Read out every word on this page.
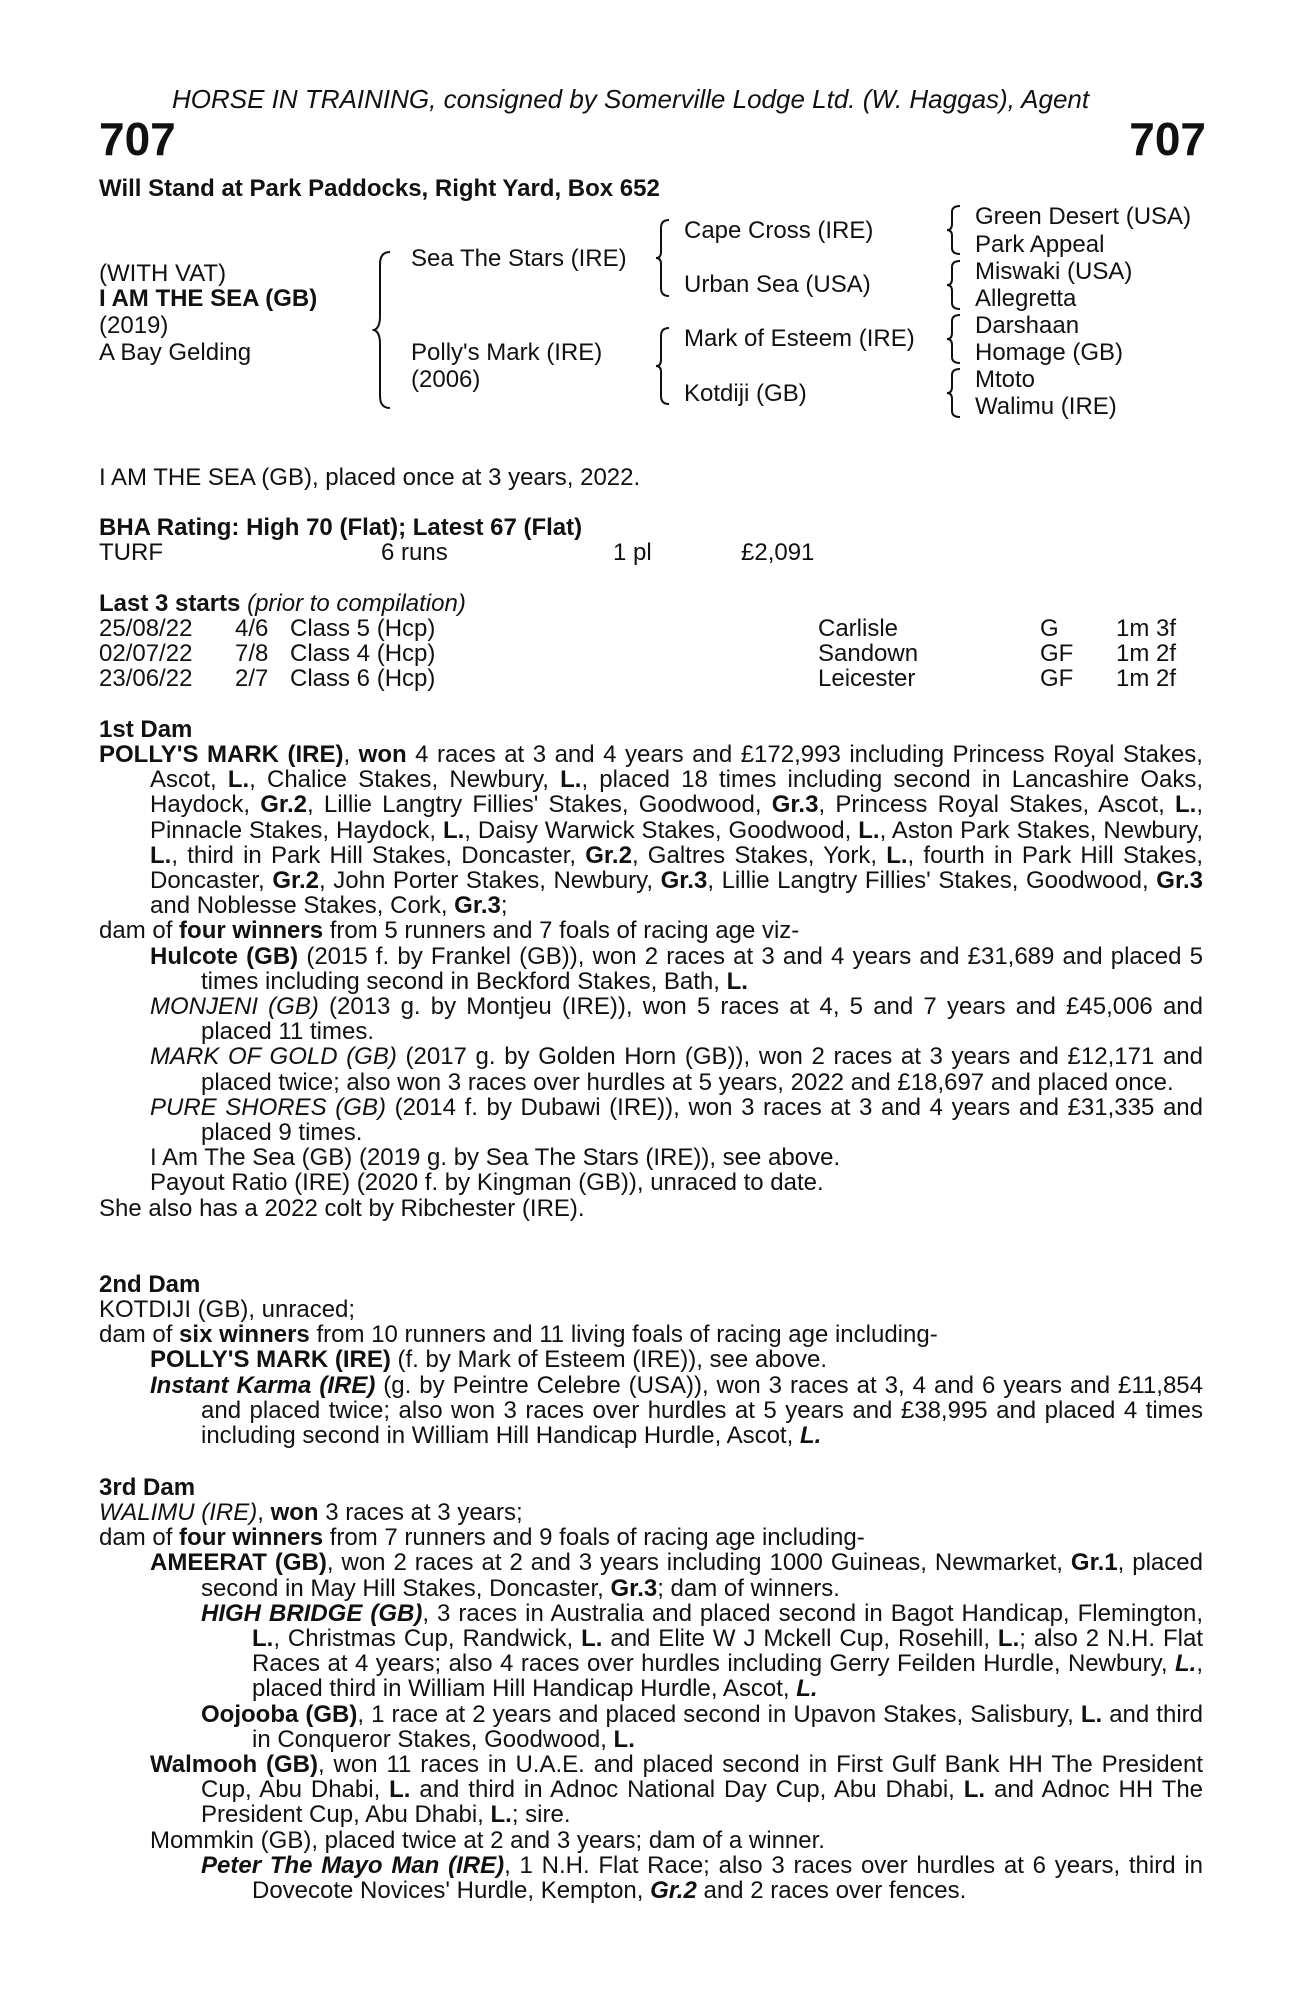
HORSE IN TRAINING, consigned by Somerville Lodge Ltd. (W. Haggas), Agent
707	707
Will Stand at Park Paddocks, Right Yard, Box 652
(WITH VAT)
I AM THE SEA (GB)
(2019)
A Bay Gelding
Sea The Stars (IRE)
Polly's Mark (IRE)
(2006)
Cape Cross (IRE)
Urban Sea (USA)
Mark of Esteem (IRE)
Kotdiji (GB)
Green Desert (USA)
Park Appeal
Miswaki (USA)
Allegretta
Darshaan
Homage (GB)
Mtoto
Walimu (IRE)
I AM THE SEA (GB), placed once at 3 years, 2022.
BHA Rating: High 70 (Flat); Latest 67 (Flat)
TURF	6 runs	1 pl	£2,091
Last 3 starts (prior to compilation)
25/08/22 4/6 Class 5 (Hcp)	Carlisle	G 1m 3f
02/07/22 7/8 Class 4 (Hcp)	Sandown	GF 1m 2f
23/06/22 2/7 Class 6 (Hcp)	Leicester	GF 1m 2f
1st Dam
POLLY'S MARK (IRE), won 4 races at 3 and 4 years and £172,993 including Princess Royal Stakes, Ascot, L., Chalice Stakes, Newbury, L., placed 18 times including second in Lancashire Oaks, Haydock, Gr.2, Lillie Langtry Fillies' Stakes, Goodwood, Gr.3, Princess Royal Stakes, Ascot, L., Pinnacle Stakes, Haydock, L., Daisy Warwick Stakes, Goodwood, L., Aston Park Stakes, Newbury, L., third in Park Hill Stakes, Doncaster, Gr.2, Galtres Stakes, York, L., fourth in Park Hill Stakes, Doncaster, Gr.2, John Porter Stakes, Newbury, Gr.3, Lillie Langtry Fillies' Stakes, Goodwood, Gr.3 and Noblesse Stakes, Cork, Gr.3;
dam of four winners from 5 runners and 7 foals of racing age viz-
Hulcote (GB) (2015 f. by Frankel (GB)), won 2 races at 3 and 4 years and £31,689 and placed 5 times including second in Beckford Stakes, Bath, L.
MONJENI (GB) (2013 g. by Montjeu (IRE)), won 5 races at 4, 5 and 7 years and £45,006 and placed 11 times.
MARK OF GOLD (GB) (2017 g. by Golden Horn (GB)), won 2 races at 3 years and £12,171 and placed twice; also won 3 races over hurdles at 5 years, 2022 and £18,697 and placed once.
PURE SHORES (GB) (2014 f. by Dubawi (IRE)), won 3 races at 3 and 4 years and £31,335 and placed 9 times.
I Am The Sea (GB) (2019 g. by Sea The Stars (IRE)), see above.
Payout Ratio (IRE) (2020 f. by Kingman (GB)), unraced to date.
She also has a 2022 colt by Ribchester (IRE).
2nd Dam
KOTDIJI (GB), unraced;
dam of six winners from 10 runners and 11 living foals of racing age including-
POLLY'S MARK (IRE) (f. by Mark of Esteem (IRE)), see above.
Instant Karma (IRE) (g. by Peintre Celebre (USA)), won 3 races at 3, 4 and 6 years and £11,854 and placed twice; also won 3 races over hurdles at 5 years and £38,995 and placed 4 times including second in William Hill Handicap Hurdle, Ascot, L.
3rd Dam
WALIMU (IRE), won 3 races at 3 years;
dam of four winners from 7 runners and 9 foals of racing age including-
AMEERAT (GB), won 2 races at 2 and 3 years including 1000 Guineas, Newmarket, Gr.1, placed second in May Hill Stakes, Doncaster, Gr.3; dam of winners.
HIGH BRIDGE (GB), 3 races in Australia and placed second in Bagot Handicap, Flemington, L., Christmas Cup, Randwick, L. and Elite W J Mckell Cup, Rosehill, L.; also 2 N.H. Flat Races at 4 years; also 4 races over hurdles including Gerry Feilden Hurdle, Newbury, L., placed third in William Hill Handicap Hurdle, Ascot, L.
Oojooba (GB), 1 race at 2 years and placed second in Upavon Stakes, Salisbury, L. and third in Conqueror Stakes, Goodwood, L.
Walmooh (GB), won 11 races in U.A.E. and placed second in First Gulf Bank HH The President Cup, Abu Dhabi, L. and third in Adnoc National Day Cup, Abu Dhabi, L. and Adnoc HH The President Cup, Abu Dhabi, L.; sire.
Mommkin (GB), placed twice at 2 and 3 years; dam of a winner.
Peter The Mayo Man (IRE), 1 N.H. Flat Race; also 3 races over hurdles at 6 years, third in Dovecote Novices' Hurdle, Kempton, Gr.2 and 2 races over fences.
